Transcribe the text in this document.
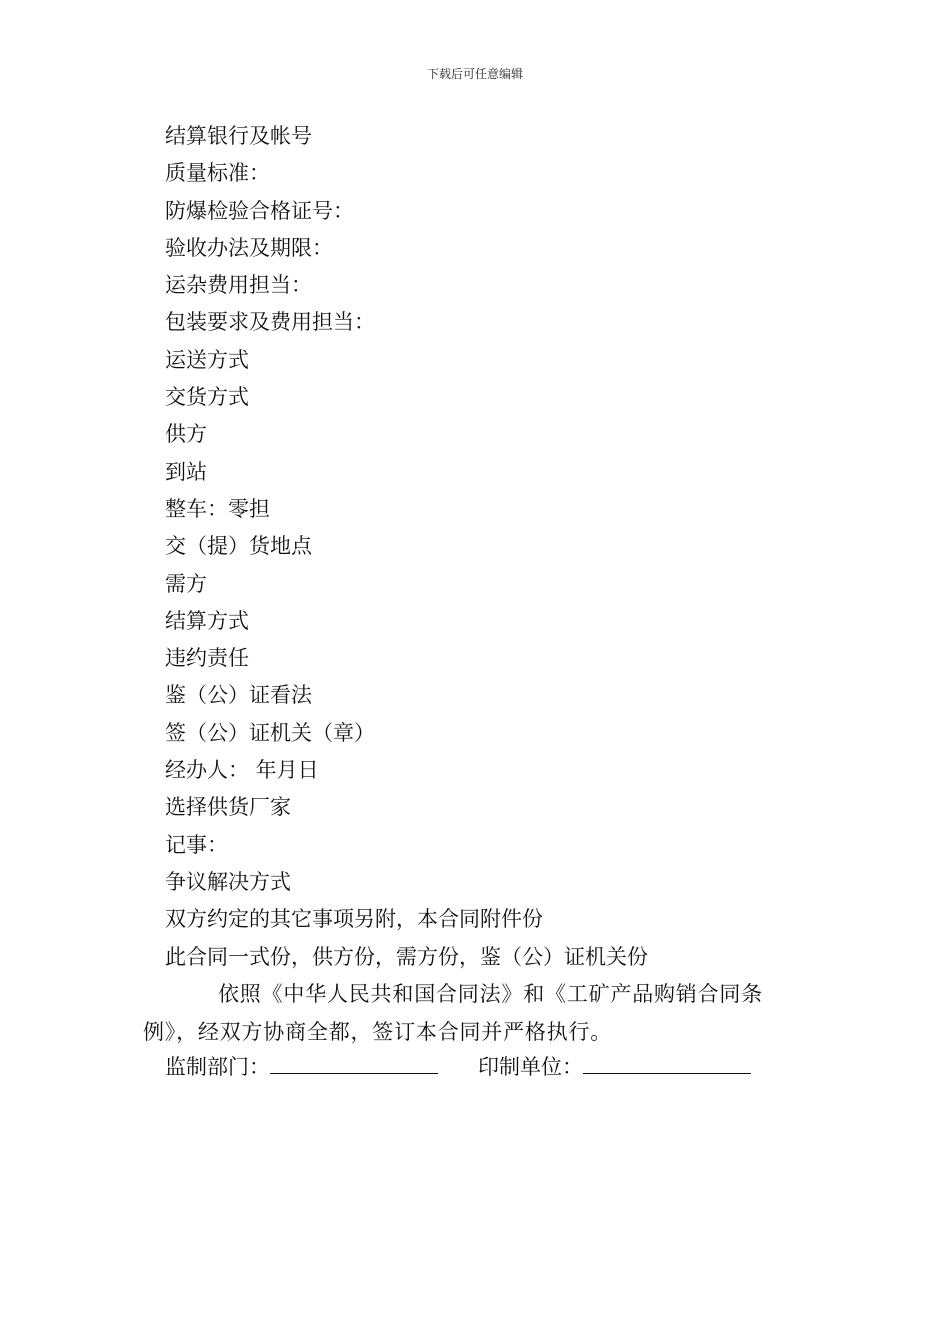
下载后可任意编辑
结算银行及帐号
质量标准：
防爆检验合格证号：
验收办法及期限：
运杂费用担当：
包装要求及费用担当：
运送方式
交货方式
供方
到站
整车：零担
交（提）货地点
需方
结算方式
违约责任
鉴（公）证看法
签（公）证机关（章）
经办人： 年月日
选择供货厂家
记事：
争议解决方式
双方约定的其它事项另附，本合同附件份
此合同一式份，供方份，需方份，鉴（公）证机关份
依照《中华人民共和国合同法》和《工矿产品购销合同条例》，经双方协商全都，签订本合同并严格执行。
监制部门：	印制单位：
